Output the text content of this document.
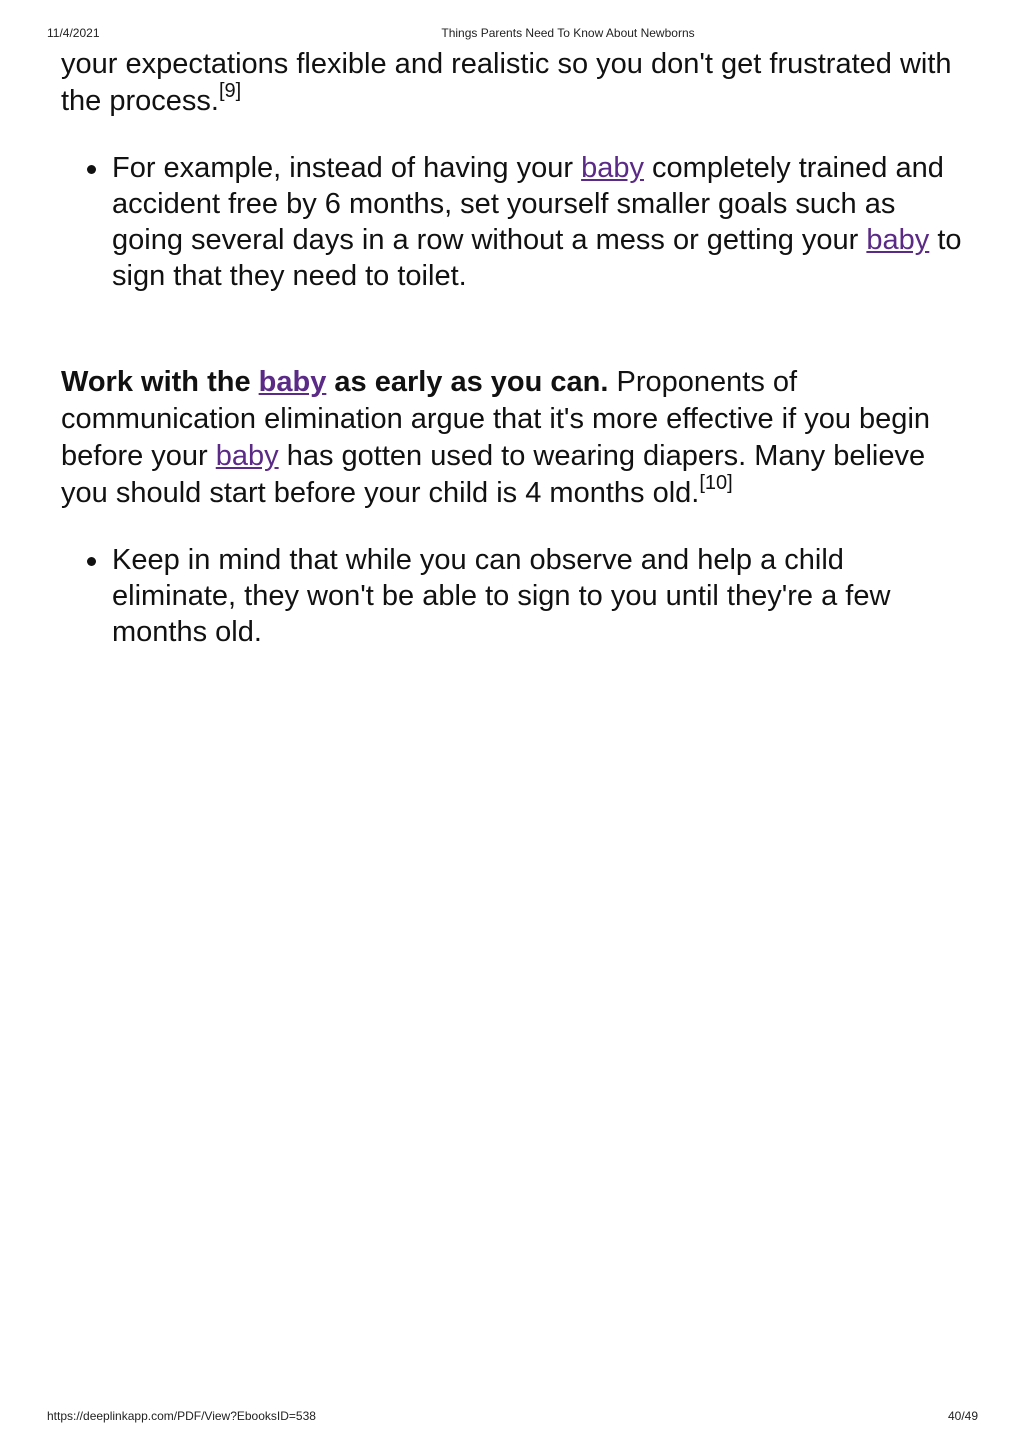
11/4/2021	Things Parents Need To Know About Newborns

your expectations flexible and realistic so you don't get frustrated with the process.[9]

For example, instead of having your baby completely trained and accident free by 6 months, set yourself smaller goals such as going several days in a row without a mess or getting your baby to sign that they need to toilet.

Work with the baby as early as you can. Proponents of communication elimination argue that it's more effective if you begin before your baby has gotten used to wearing diapers. Many believe you should start before your child is 4 months old.[10]

Keep in mind that while you can observe and help a child eliminate, they won't be able to sign to you until they're a few months old.
https://deeplinkapp.com/PDF/View?EbooksID=538	40/49
